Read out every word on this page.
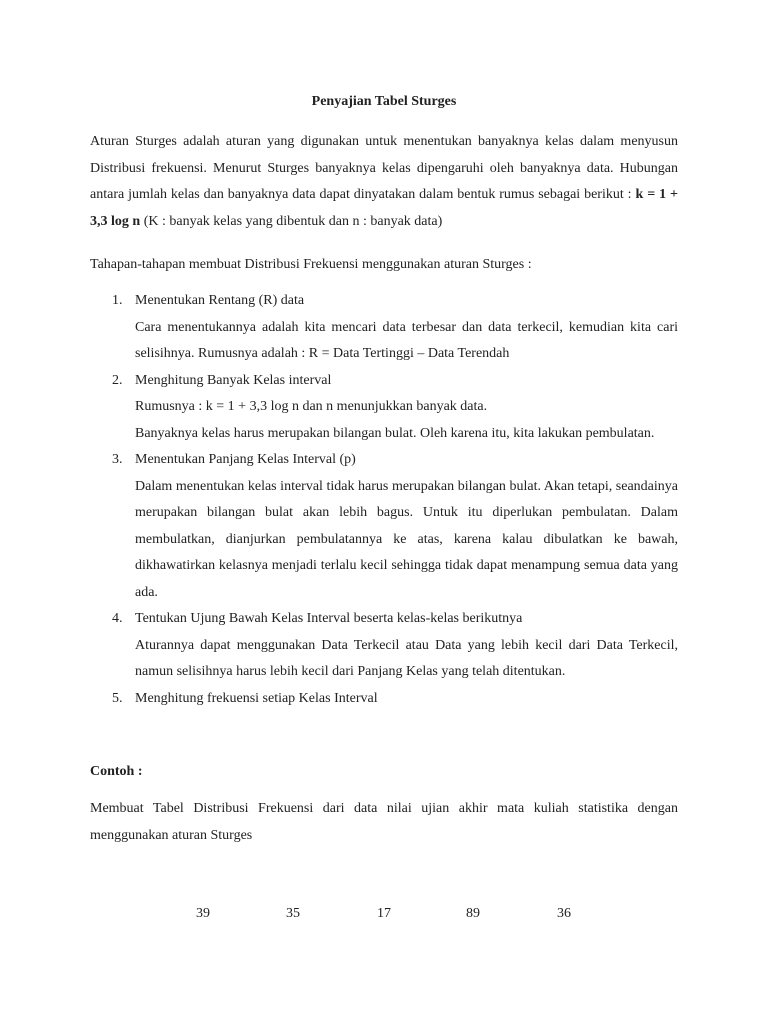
Penyajian Tabel Sturges

Aturan Sturges adalah aturan yang digunakan untuk menentukan banyaknya kelas dalam menyusun Distribusi frekuensi. Menurut Sturges banyaknya kelas dipengaruhi oleh banyaknya data. Hubungan antara jumlah kelas dan banyaknya data dapat dinyatakan dalam bentuk rumus sebagai berikut : k = 1 + 3,3 log n (K : banyak kelas yang dibentuk dan n : banyak data)

Tahapan-tahapan membuat Distribusi Frekuensi menggunakan aturan Sturges :

1. Menentukan Rentang (R) data
Cara menentukannya adalah kita mencari data terbesar dan data terkecil, kemudian kita cari selisihnya. Rumusnya adalah : R = Data Tertinggi – Data Terendah
2. Menghitung Banyak Kelas interval
Rumusnya : k = 1 + 3,3 log n dan n menunjukkan banyak data.
Banyaknya kelas harus merupakan bilangan bulat. Oleh karena itu, kita lakukan pembulatan.
3. Menentukan Panjang Kelas Interval (p)
Dalam menentukan kelas interval tidak harus merupakan bilangan bulat. Akan tetapi, seandainya merupakan bilangan bulat akan lebih bagus. Untuk itu diperlukan pembulatan. Dalam membulatkan, dianjurkan pembulatannya ke atas, karena kalau dibulatkan ke bawah, dikhawatirkan kelasnya menjadi terlalu kecil sehingga tidak dapat menampung semua data yang ada.
4. Tentukan Ujung Bawah Kelas Interval beserta kelas-kelas berikutnya
Aturannya dapat menggunakan Data Terkecil atau Data yang lebih kecil dari Data Terkecil, namun selisihnya harus lebih kecil dari Panjang Kelas yang telah ditentukan.
5. Menghitung frekuensi setiap Kelas Interval

Contoh :

Membuat Tabel Distribusi Frekuensi dari data nilai ujian akhir mata kuliah statistika dengan menggunakan aturan Sturges

39	35	17	89	36
